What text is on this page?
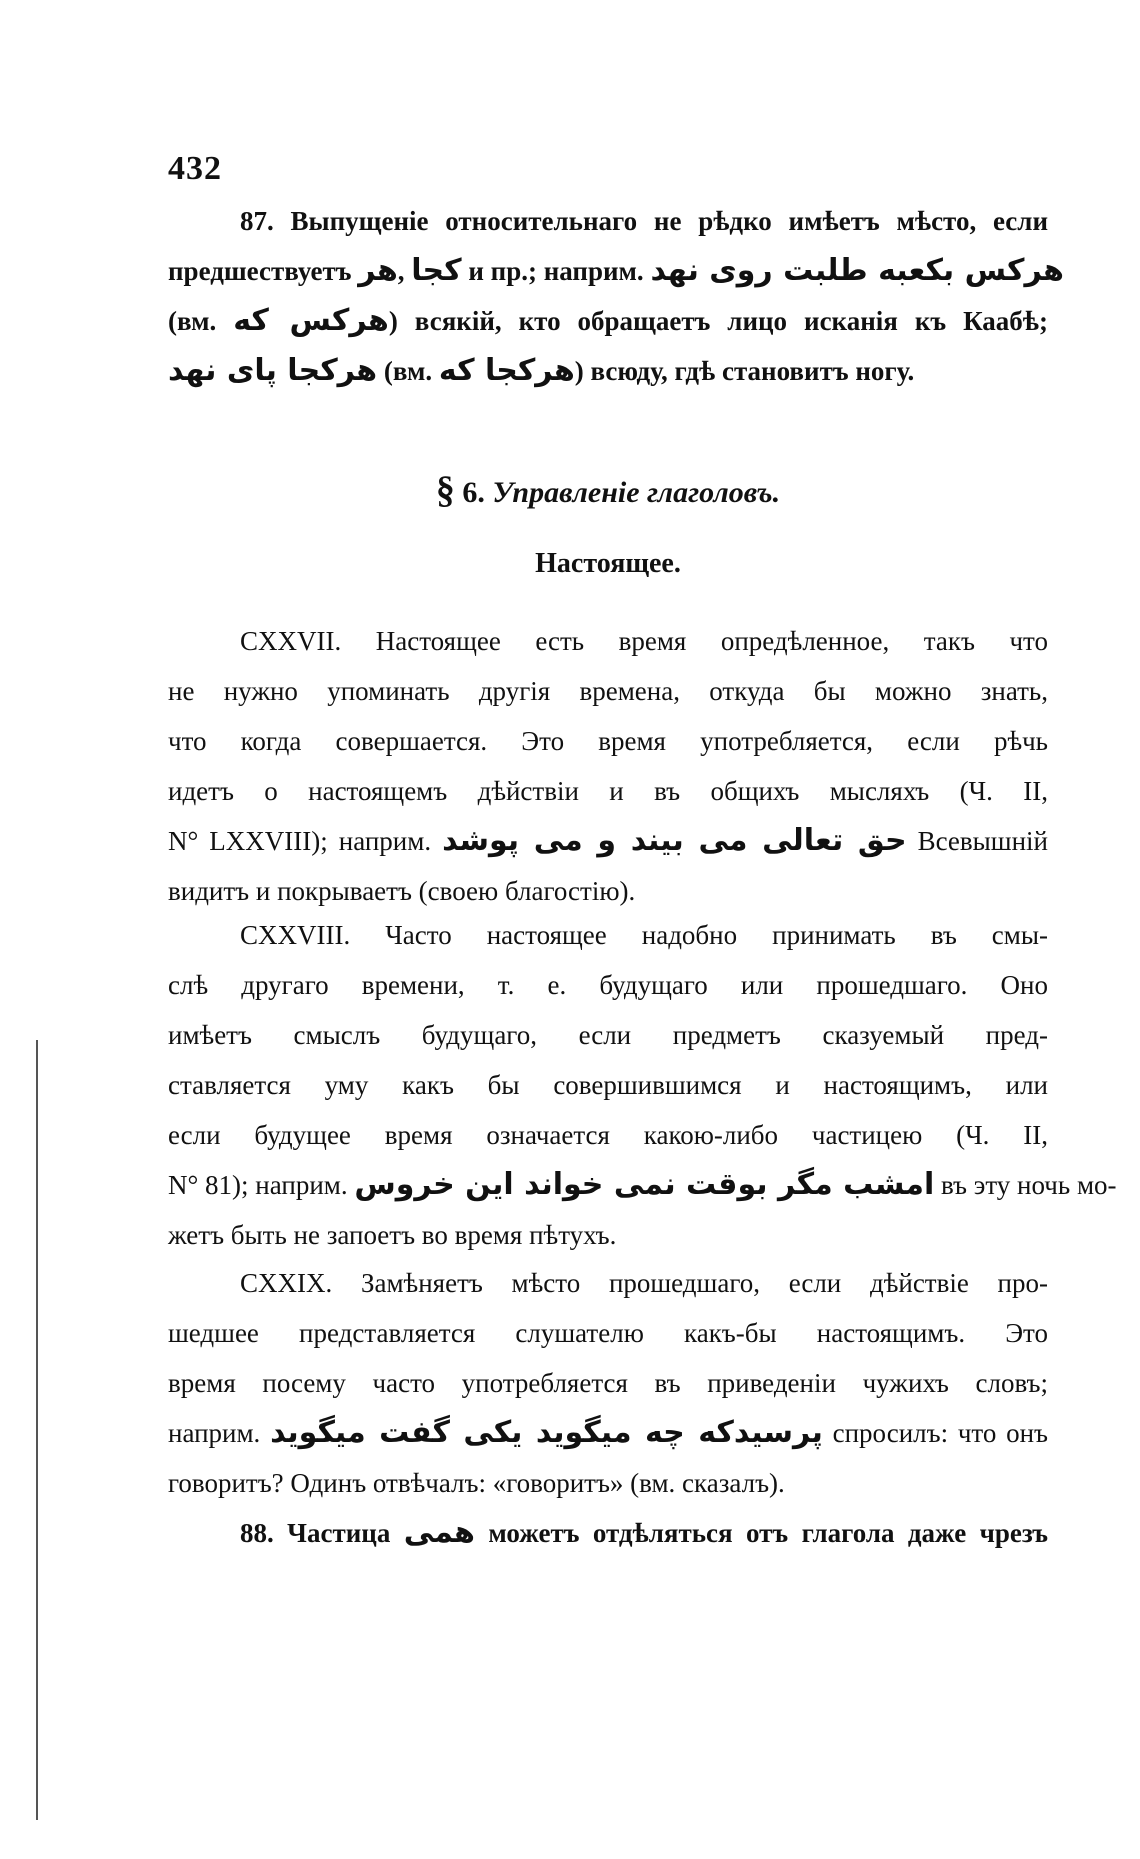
432
87. Выпущеніе относительнаго не рѣдко имѣетъ мѣсто, если
предшествуетъ هر, کجا и пр.; наприм. هرکس بکعبه طلبت روی نهد
(вм. هرکس که) всякій, кто обращаетъ лицо исканія къ Каабѣ;
هرکجا پای نهد (вм. هرکجا که) всюду, гдѣ становитъ ногу.
§ 6. Управленіе глаголовъ.
Настоящее.
CXXVII. Настоящее есть время опредѣленное, такъ что
не нужно упоминать другія времена, откуда бы можно знать,
что когда совершается. Это время употребляется, если рѣчь
идетъ о настоящемъ дѣйствіи и въ общихъ мысляхъ (Ч. II,
N° LXXVIII); наприм. حق تعالی می بیند و می پوشد Всевышній
видитъ и покрываетъ (своею благостію).
CXXVIII. Часто настоящее надобно принимать въ смы-
слѣ другаго времени, т. е. будущаго или прошедшаго. Оно
имѣетъ смыслъ будущаго, если предметъ сказуемый пред-
ставляется уму какъ бы совершившимся и настоящимъ, или
если будущее время означается какою-либо частицею (Ч. II,
N° 81); наприм. امشب مگر بوقت نمی خواند این خروس въ эту ночь мо-
жетъ быть не запоетъ во время пѣтухъ.
CXXIX. Замѣняетъ мѣсто прошедшаго, если дѣйствіе про-
шедшее представляется слушателю какъ-бы настоящимъ. Это
время посему часто употребляется въ приведеніи чужихъ словъ;
наприм. پرسیدکه چه میگوید یکی گفت میگوید спросилъ: что онъ
говоритъ? Одинъ отвѣчалъ: «говоритъ» (вм. сказалъ).
88. Частица همی можетъ отдѣляться отъ глагола даже чрезъ
